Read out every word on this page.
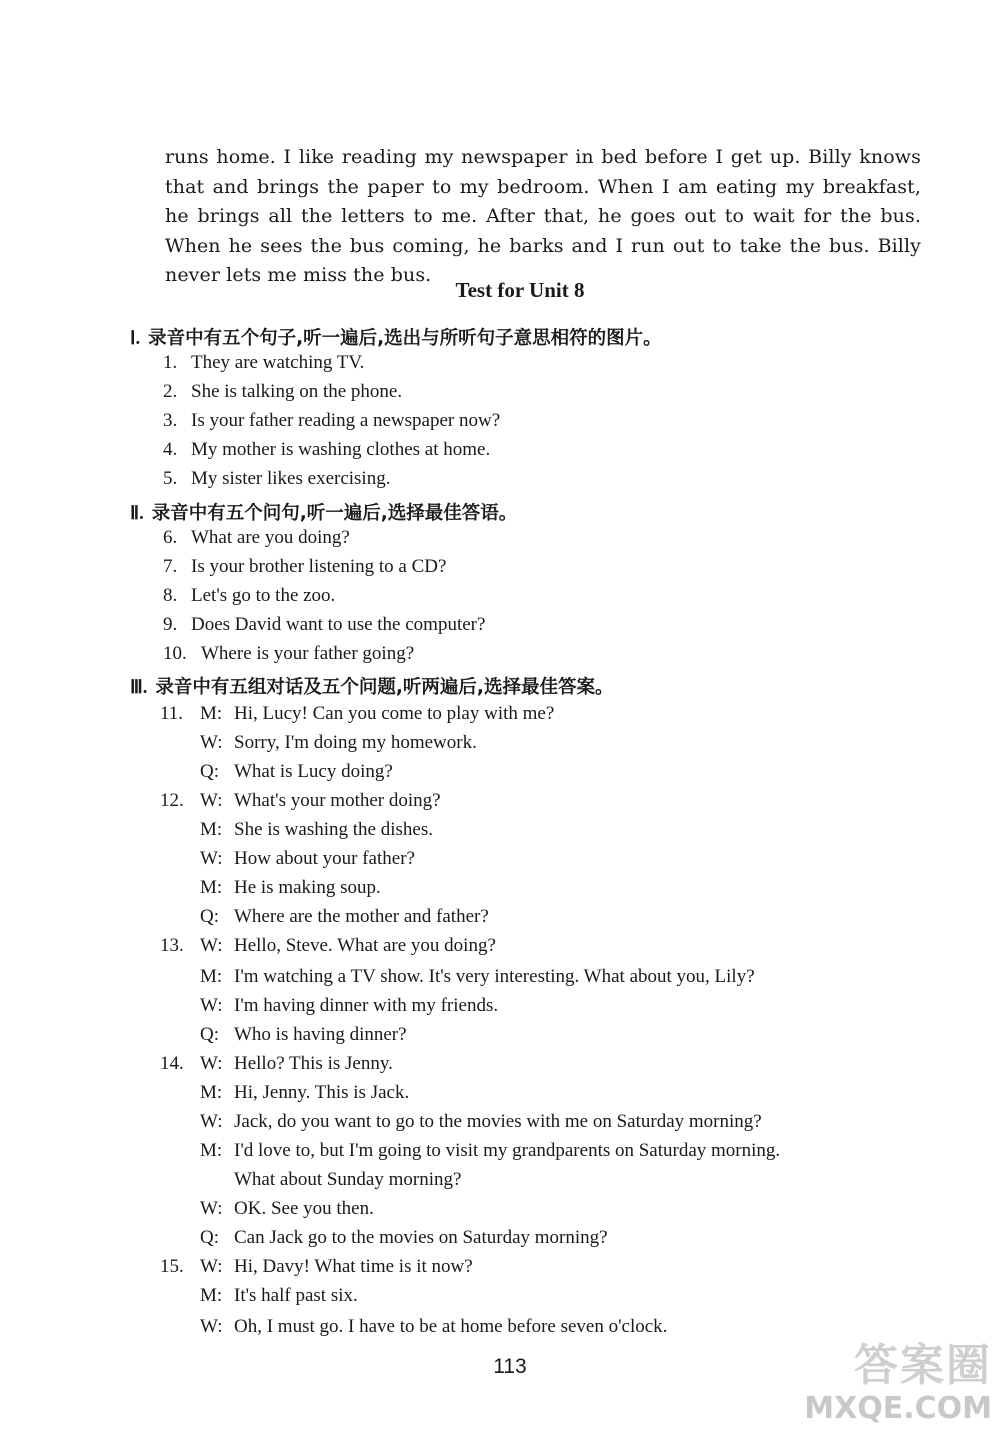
runs home. I like reading my newspaper in bed before I get up. Billy knows that and brings the paper to my bedroom. When I am eating my breakfast, he brings all the letters to me. After that, he goes out to wait for the bus. When he sees the bus coming, he barks and I run out to take the bus. Billy never lets me miss the bus.
Test for Unit 8
Ⅰ. 录音中有五个句子,听一遍后,选出与所听句子意思相符的图片。
1. They are watching TV.
2. She is talking on the phone.
3. Is your father reading a newspaper now?
4. My mother is washing clothes at home.
5. My sister likes exercising.
Ⅱ. 录音中有五个问句,听一遍后,选择最佳答语。
6. What are you doing?
7. Is your brother listening to a CD?
8. Let's go to the zoo.
9. Does David want to use the computer?
10. Where is your father going?
Ⅲ. 录音中有五组对话及五个问题,听两遍后,选择最佳答案。
11. M: Hi, Lucy! Can you come to play with me?
W: Sorry, I'm doing my homework.
Q: What is Lucy doing?
12. W: What's your mother doing?
M: She is washing the dishes.
W: How about your father?
M: He is making soup.
Q: Where are the mother and father?
13. W: Hello, Steve. What are you doing?
M: I'm watching a TV show. It's very interesting. What about you, Lily?
W: I'm having dinner with my friends.
Q: Who is having dinner?
14. W: Hello? This is Jenny.
M: Hi, Jenny. This is Jack.
W: Jack, do you want to go to the movies with me on Saturday morning?
M: I'd love to, but I'm going to visit my grandparents on Saturday morning.
What about Sunday morning?
W: OK. See you then.
Q: Can Jack go to the movies on Saturday morning?
15. W: Hi, Davy! What time is it now?
M: It's half past six.
W: Oh, I must go. I have to be at home before seven o'clock.
113	答案圈
MXQE.COM
